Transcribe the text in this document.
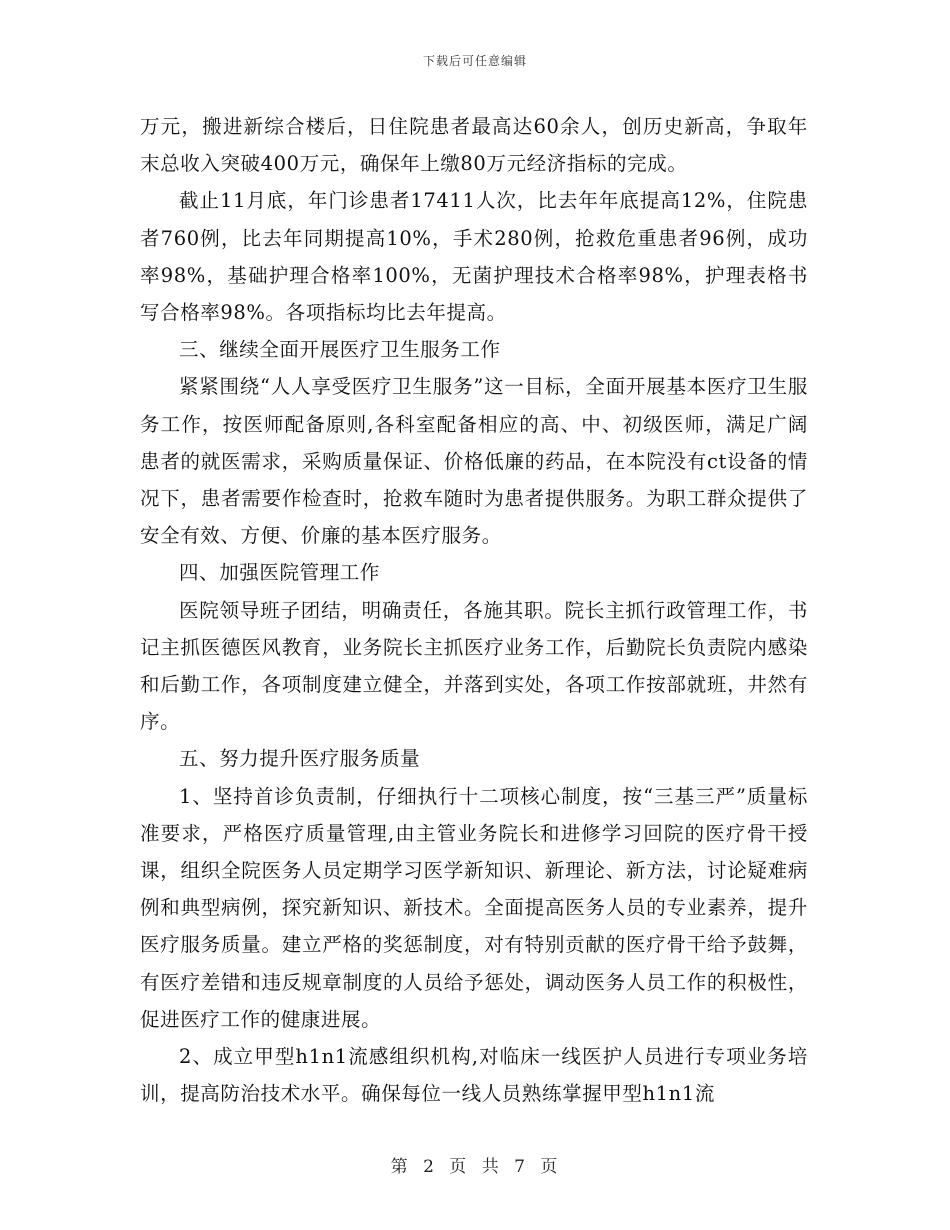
下载后可任意编辑

万元，搬进新综合楼后，日住院患者最高达60余人，创历史新高，争取年末总收入突破400万元，确保年上缴80万元经济指标的完成。

截止11月底，年门诊患者17411人次，比去年年底提高12%，住院患者760例，比去年同期提高10%，手术280例，抢救危重患者96例，成功率98%，基础护理合格率100%，无菌护理技术合格率98%，护理表格书写合格率98%。各项指标均比去年提高。

三、继续全面开展医疗卫生服务工作

紧紧围绕“人人享受医疗卫生服务”这一目标，全面开展基本医疗卫生服务工作，按医师配备原则,各科室配备相应的高、中、初级医师，满足广阔患者的就医需求，采购质量保证、价格低廉的药品，在本院没有ct设备的情况下，患者需要作检查时，抢救车随时为患者提供服务。为职工群众提供了安全有效、方便、价廉的基本医疗服务。

四、加强医院管理工作

医院领导班子团结，明确责任，各施其职。院长主抓行政管理工作，书记主抓医德医风教育，业务院长主抓医疗业务工作，后勤院长负责院内感染和后勤工作，各项制度建立健全，并落到实处，各项工作按部就班，井然有序。

五、努力提升医疗服务质量

1、坚持首诊负责制，仔细执行十二项核心制度，按“三基三严”质量标准要求，严格医疗质量管理,由主管业务院长和进修学习回院的医疗骨干授课，组织全院医务人员定期学习医学新知识、新理论、新方法，讨论疑难病例和典型病例，探究新知识、新技术。全面提高医务人员的专业素养，提升医疗服务质量。建立严格的奖惩制度，对有特别贡献的医疗骨干给予鼓舞，有医疗差错和违反规章制度的人员给予惩处，调动医务人员工作的积极性，促进医疗工作的健康进展。

2、成立甲型h1n1流感组织机构,对临床一线医护人员进行专项业务培训，提高防治技术水平。确保每位一线人员熟练掌握甲型h1n1流

第 2 页 共 7 页
